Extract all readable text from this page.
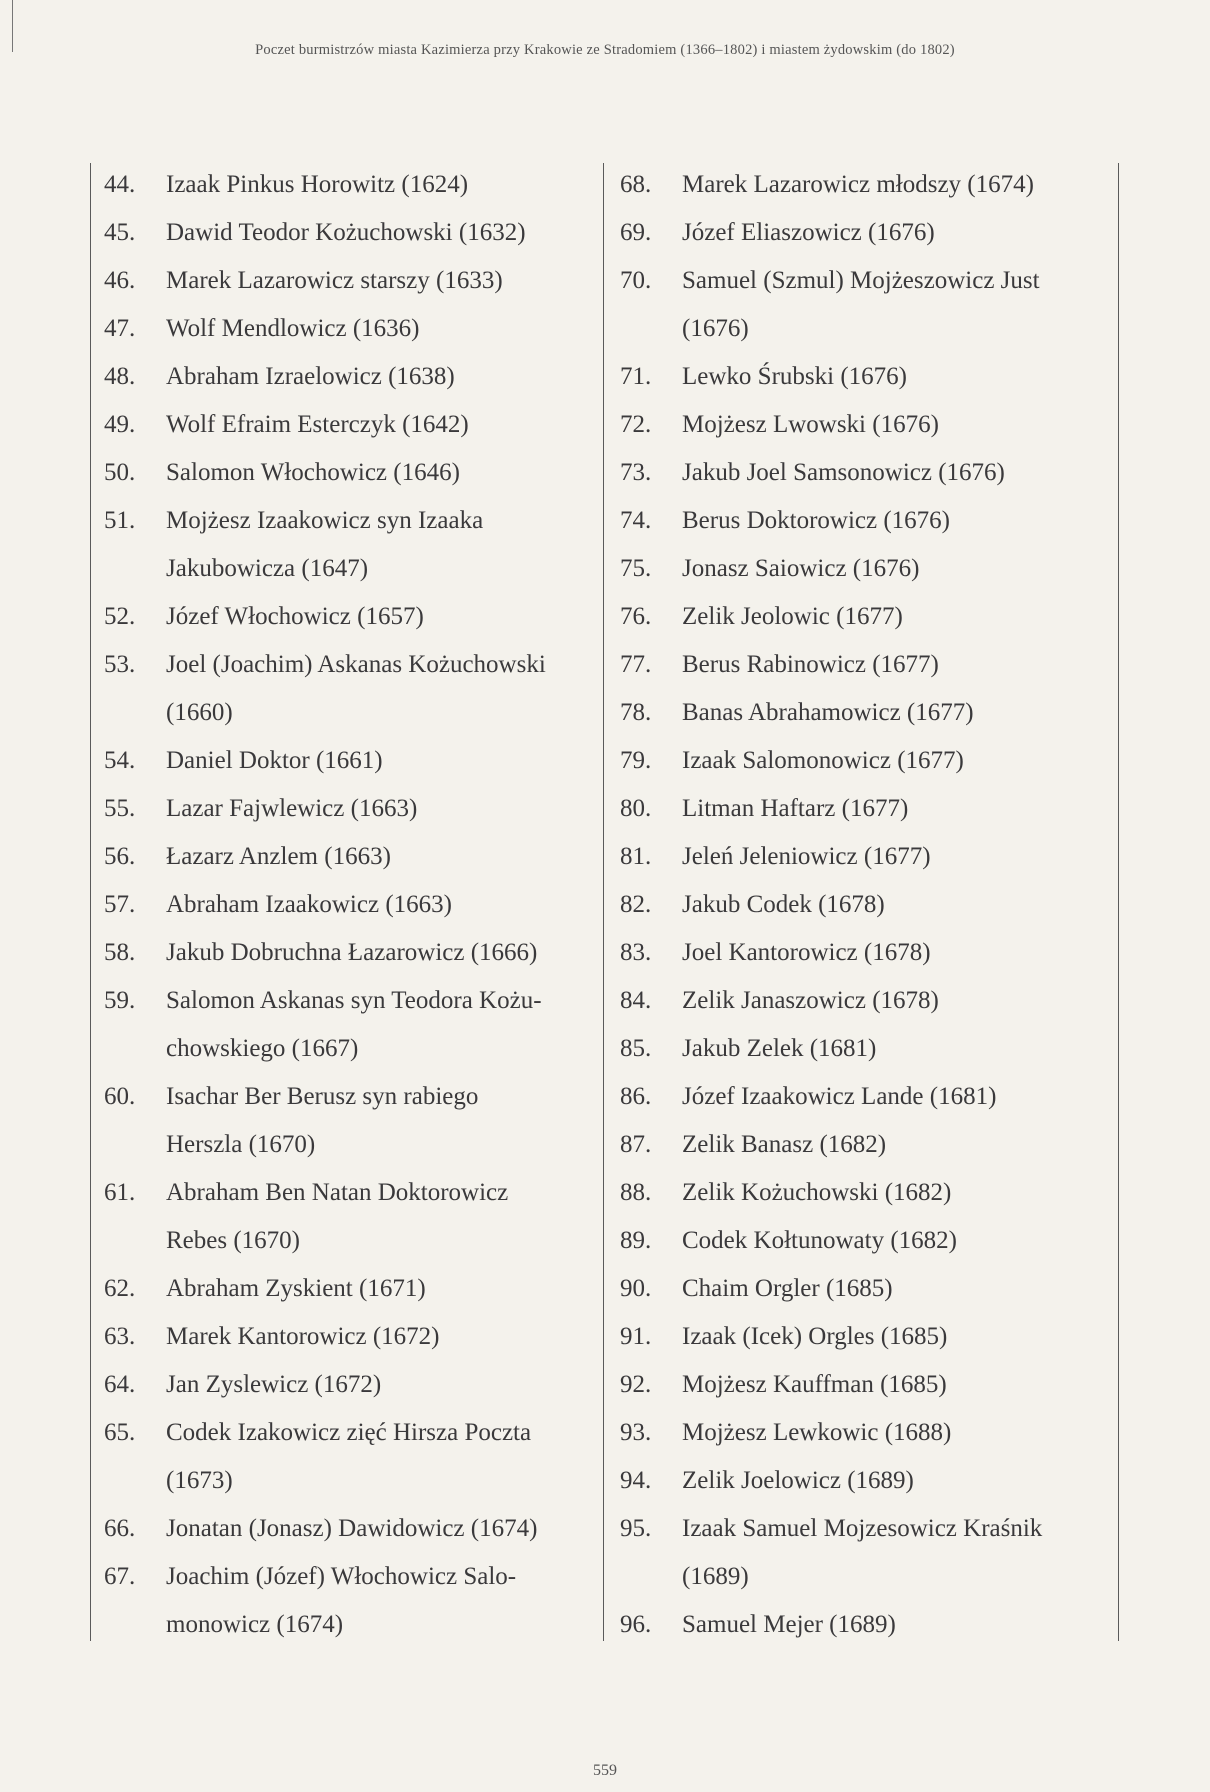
Poczet burmistrzów miasta Kazimierza przy Krakowie ze Stradomiem (1366–1802) i miastem żydowskim (do 1802)
44.	Izaak Pinkus Horowitz (1624)
45.	Dawid Teodor Kożuchowski (1632)
46.	Marek Lazarowicz starszy (1633)
47.	Wolf Mendlowicz (1636)
48.	Abraham Izraelowicz (1638)
49.	Wolf Efraim Esterczyk (1642)
50.	Salomon Włochowicz (1646)
51.	Mojżesz Izaakowicz syn Izaaka
Jakubowicza (1647)
52.	Józef Włochowicz (1657)
53.	Joel (Joachim) Askanas Kożuchowski
(1660)
54.	Daniel Doktor (1661)
55.	Lazar Fajwlewicz (1663)
56.	Łazarz Anzlem (1663)
57.	Abraham Izaakowicz (1663)
58.	Jakub Dobruchna Łazarowicz (1666)
59.	Salomon Askanas syn Teodora Kożu-
chowskiego (1667)
60.	Isachar Ber Berusz syn rabiego
Herszla (1670)
61.	Abraham Ben Natan Doktorowicz
Rebes (1670)
62.	Abraham Zyskient (1671)
63.	Marek Kantorowicz (1672)
64.	Jan Zyslewicz (1672)
65.	Codek Izakowicz zięć Hirsza Poczta
(1673)
66.	Jonatan (Jonasz) Dawidowicz (1674)
67.	Joachim (Józef) Włochowicz Salo-
monowicz (1674)
68.	Marek Lazarowicz młodszy (1674)
69.	Józef Eliaszowicz (1676)
70.	Samuel (Szmul) Mojżeszowicz Just
(1676)
71.	Lewko Śrubski (1676)
72.	Mojżesz Lwowski (1676)
73.	Jakub Joel Samsonowicz (1676)
74.	Berus Doktorowicz (1676)
75.	Jonasz Saiowicz (1676)
76.	Zelik Jeolowic (1677)
77.	Berus Rabinowicz (1677)
78.	Banas Abrahamowicz (1677)
79.	Izaak Salomonowicz (1677)
80.	Litman Haftarz (1677)
81.	Jeleń Jeleniowicz (1677)
82.	Jakub Codek (1678)
83.	Joel Kantorowicz (1678)
84.	Zelik Janaszowicz (1678)
85.	Jakub Zelek (1681)
86.	Józef Izaakowicz Lande (1681)
87.	Zelik Banasz (1682)
88.	Zelik Kożuchowski (1682)
89.	Codek Kołtunowaty (1682)
90.	Chaim Orgler (1685)
91.	Izaak (Icek) Orgles (1685)
92.	Mojżesz Kauffman (1685)
93.	Mojżesz Lewkowic (1688)
94.	Zelik Joelowicz (1689)
95.	Izaak Samuel Mojzesowicz Kraśnik
(1689)
96.	Samuel Mejer (1689)
559
